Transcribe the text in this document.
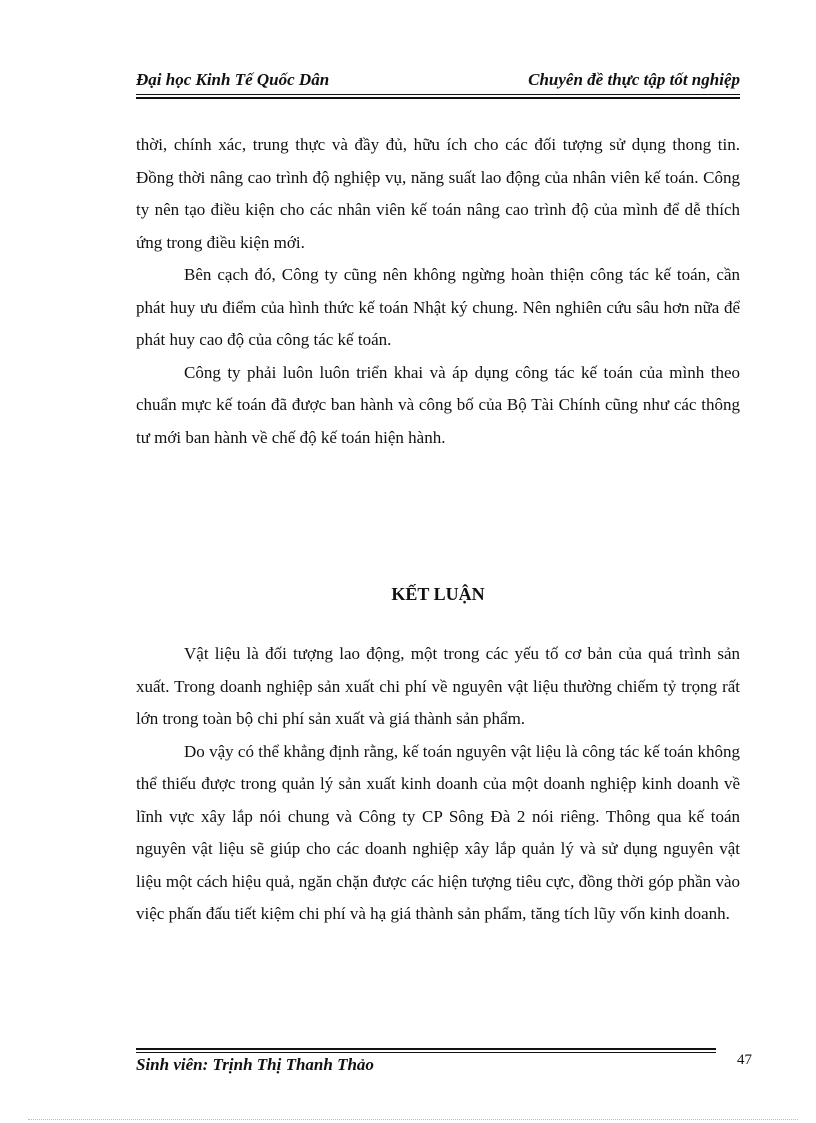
Đại học Kinh Tế Quốc Dân	Chuyên đề thực tập tốt nghiệp

thời, chính xác, trung thực và đầy đủ, hữu ích cho các đối tượng sử dụng thong tin. Đồng thời nâng cao trình độ nghiệp vụ, năng suất lao động của nhân viên kế toán. Công ty nên tạo điều kiện cho các nhân viên kế toán nâng cao trình độ của mình để dễ thích ứng trong điều kiện mới.

Bên cạch đó, Công ty cũng nên không ngừng hoàn thiện công tác kế toán, cần phát huy ưu điểm của hình thức kế toán Nhật ký chung. Nên nghiên cứu sâu hơn nữa để phát huy cao độ của công tác kế toán.

Công ty phải luôn luôn triển khai và áp dụng công tác kế toán của mình theo chuẩn mực kế toán đã được ban hành và công bố của Bộ Tài Chính cũng như các thông tư mới ban hành về chế độ kế toán hiện hành.

KẾT LUẬN

Vật liệu là đối tượng lao động, một trong các yếu tố cơ bản của quá trình sản xuất. Trong doanh nghiệp sản xuất chi phí về nguyên vật liệu thường chiếm tỷ trọng rất lớn trong toàn bộ chi phí sản xuất và giá thành sản phẩm.

Do vậy có thể khẳng định rằng, kế toán nguyên vật liệu là công tác kế toán không thể thiếu được trong quản lý sản xuất kinh doanh của một doanh nghiệp kinh doanh về lĩnh vực xây lắp nói chung và Công ty CP Sông Đà 2 nói riêng. Thông qua kế toán nguyên vật liệu sẽ giúp cho các doanh nghiệp xây lắp quản lý và sử dụng nguyên vật liệu một cách hiệu quả, ngăn chặn được các hiện tượng tiêu cực, đồng thời góp phần vào việc phấn đấu tiết kiệm chi phí và hạ giá thành sản phẩm, tăng tích lũy vốn kinh doanh.

Sinh viên: Trịnh Thị Thanh Thảo	47
